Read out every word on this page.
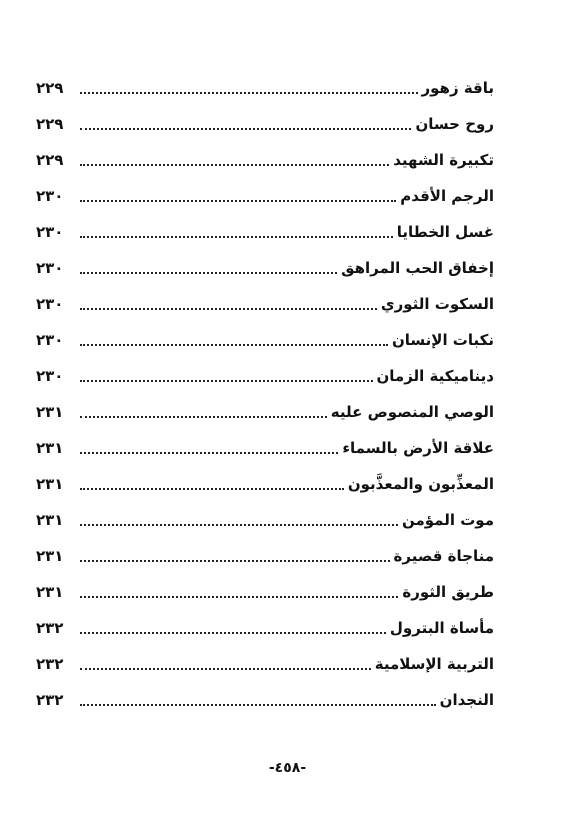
باقة زهور
٢٢٩
روح حسان
٢٢٩
تكبيرة الشهيد
٢٢٩
الرجم الأقدم
٢٣٠
غسل الخطايا
٢٣٠
إخفاق الحب المراهق
٢٣٠
السكوت الثوري
٢٣٠
نكبات الإنسان
٢٣٠
ديناميكية الزمان
٢٣٠
الوصي المنصوص عليه
٢٣١
علاقة الأرض بالسماء
٢٣١
المعذِّبون والمعذَّبون
٢٣١
موت المؤمن
٢٣١
مناجاة قصيرة
٢٣١
طريق الثورة
٢٣١
مأساة البترول
٢٣٢
التربية الإسلامية
٢٣٢
النجدان
٢٣٢
-٤٥٨-
